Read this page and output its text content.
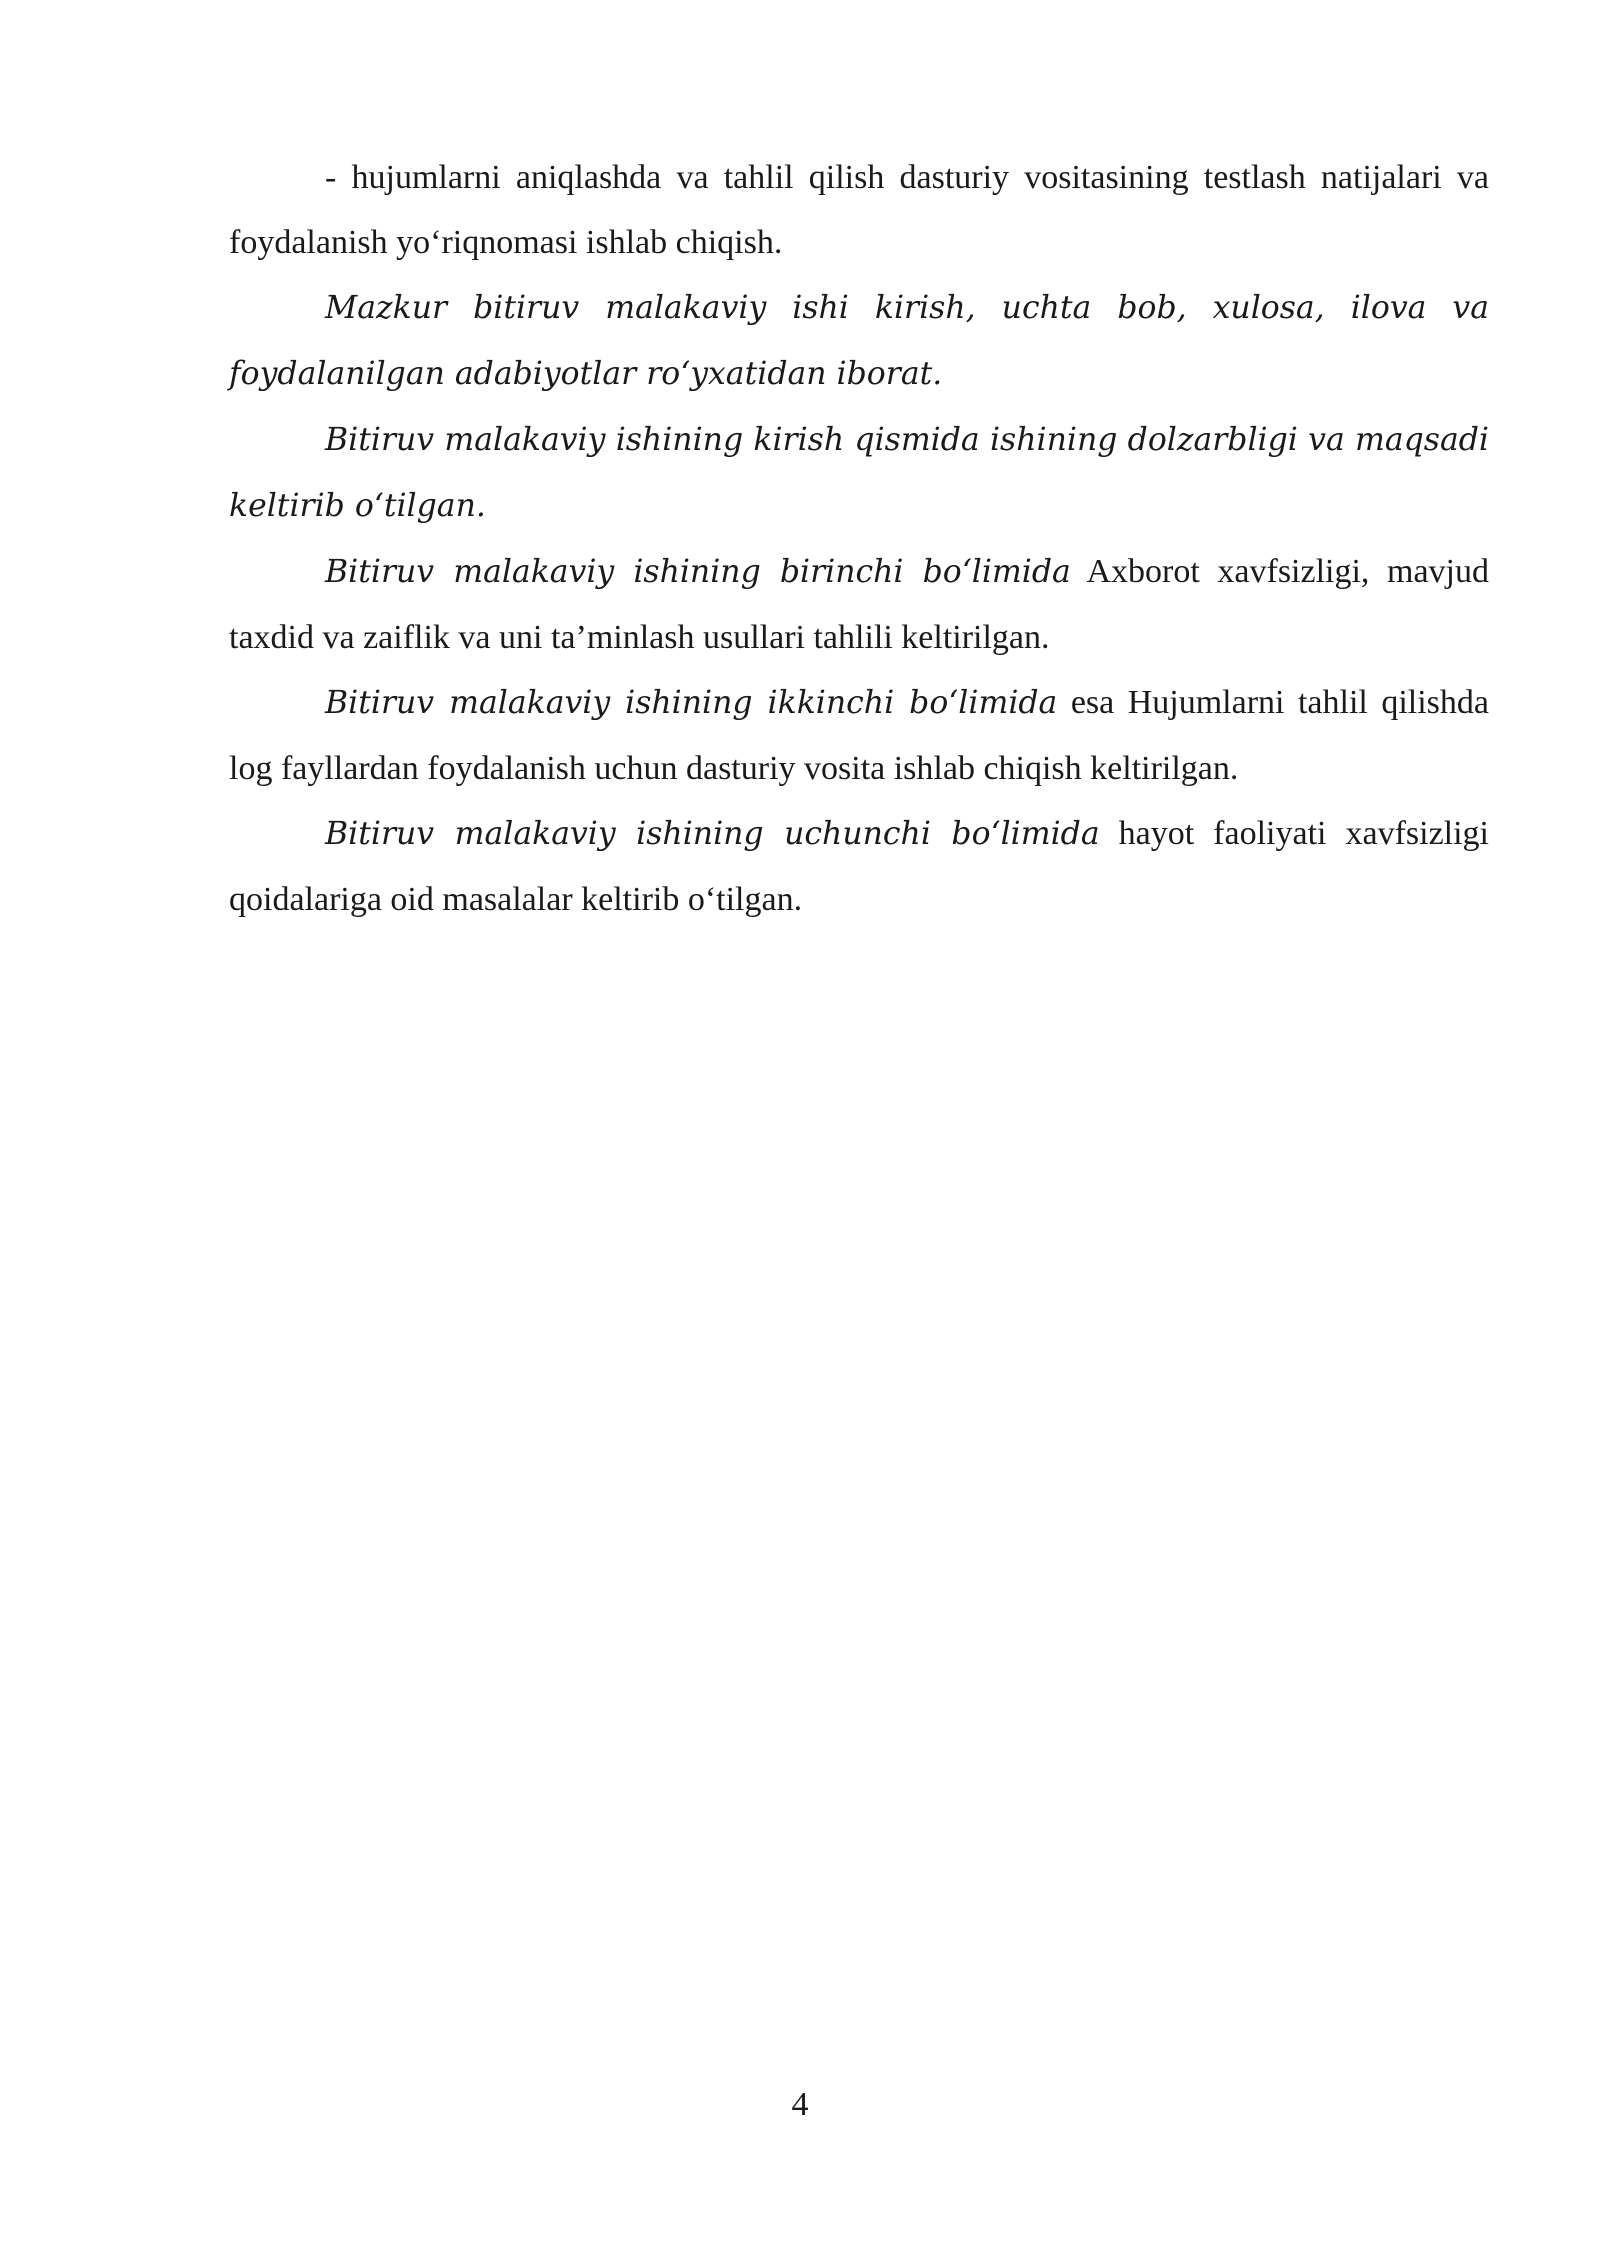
- hujumlarni aniqlashda va tahlil qilish dasturiy vositasining testlash natijalari va foydalanish yo‘riqnomasi ishlab chiqish.

Mazkur bitiruv malakaviy ishi kirish, uchta bob, xulosa, ilova va foydalanilgan adabiyotlar ro‘yxatidan iborat.

Bitiruv malakaviy ishining kirish qismida ishining dolzarbligi va maqsadi keltirib o‘tilgan.

Bitiruv malakaviy ishining birinchi bo‘limida Axborot xavfsizligi, mavjud taxdid va zaiflik va uni ta’minlash usullari tahlili keltirilgan.

Bitiruv malakaviy ishining ikkinchi bo‘limida esa Hujumlarni tahlil qilishda log fayllardan foydalanish uchun dasturiy vosita ishlab chiqish keltirilgan.

Bitiruv malakaviy ishining uchunchi bo‘limida hayot faoliyati xavfsizligi qoidalariga oid masalalar keltirib o‘tilgan.

4
